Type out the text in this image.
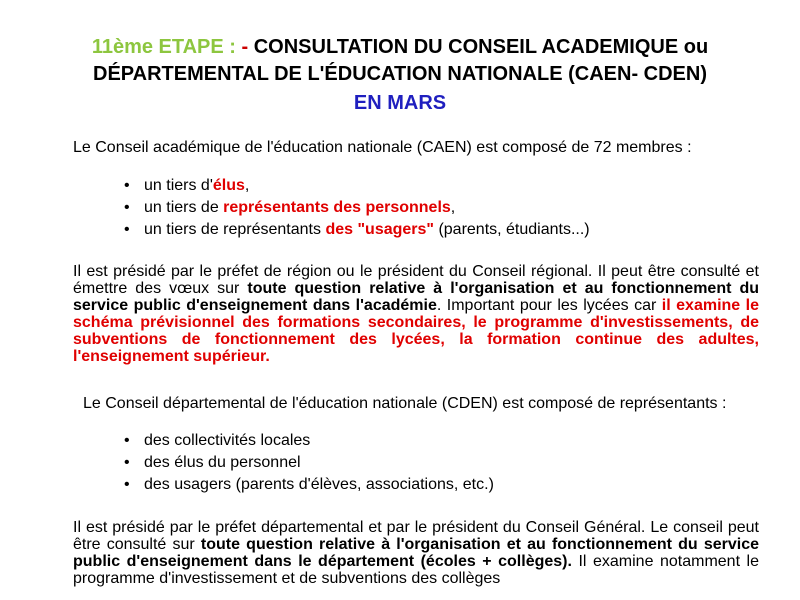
11ème ETAPE : - CONSULTATION DU CONSEIL ACADEMIQUE ou DÉPARTEMENTAL DE L'ÉDUCATION NATIONALE (CAEN- CDEN)
EN MARS
Le Conseil académique de l'éducation nationale (CAEN) est composé de 72 membres :
• un tiers d'élus,
• un tiers de représentants des personnels,
• un tiers de représentants des "usagers" (parents, étudiants...)
Il est présidé par le préfet de région ou le président du Conseil régional. Il peut être consulté et émettre des vœux sur toute question relative à l'organisation et au fonctionnement du service public d'enseignement dans l'académie. Important pour les lycées car il examine le schéma prévisionnel des formations secondaires, le programme d'investissements, de subventions de fonctionnement des lycées, la formation continue des adultes, l'enseignement supérieur.
Le Conseil départemental de l'éducation nationale (CDEN) est composé de représentants :
• des collectivités locales
• des élus du personnel
• des usagers (parents d'élèves, associations, etc.)
Il est présidé par le préfet départemental et par le président du Conseil Général. Le conseil peut être consulté sur toute question relative à l'organisation et au fonctionnement du service public d'enseignement dans le département (écoles + collèges). Il examine notamment le programme d'investissement et de subventions des collèges
